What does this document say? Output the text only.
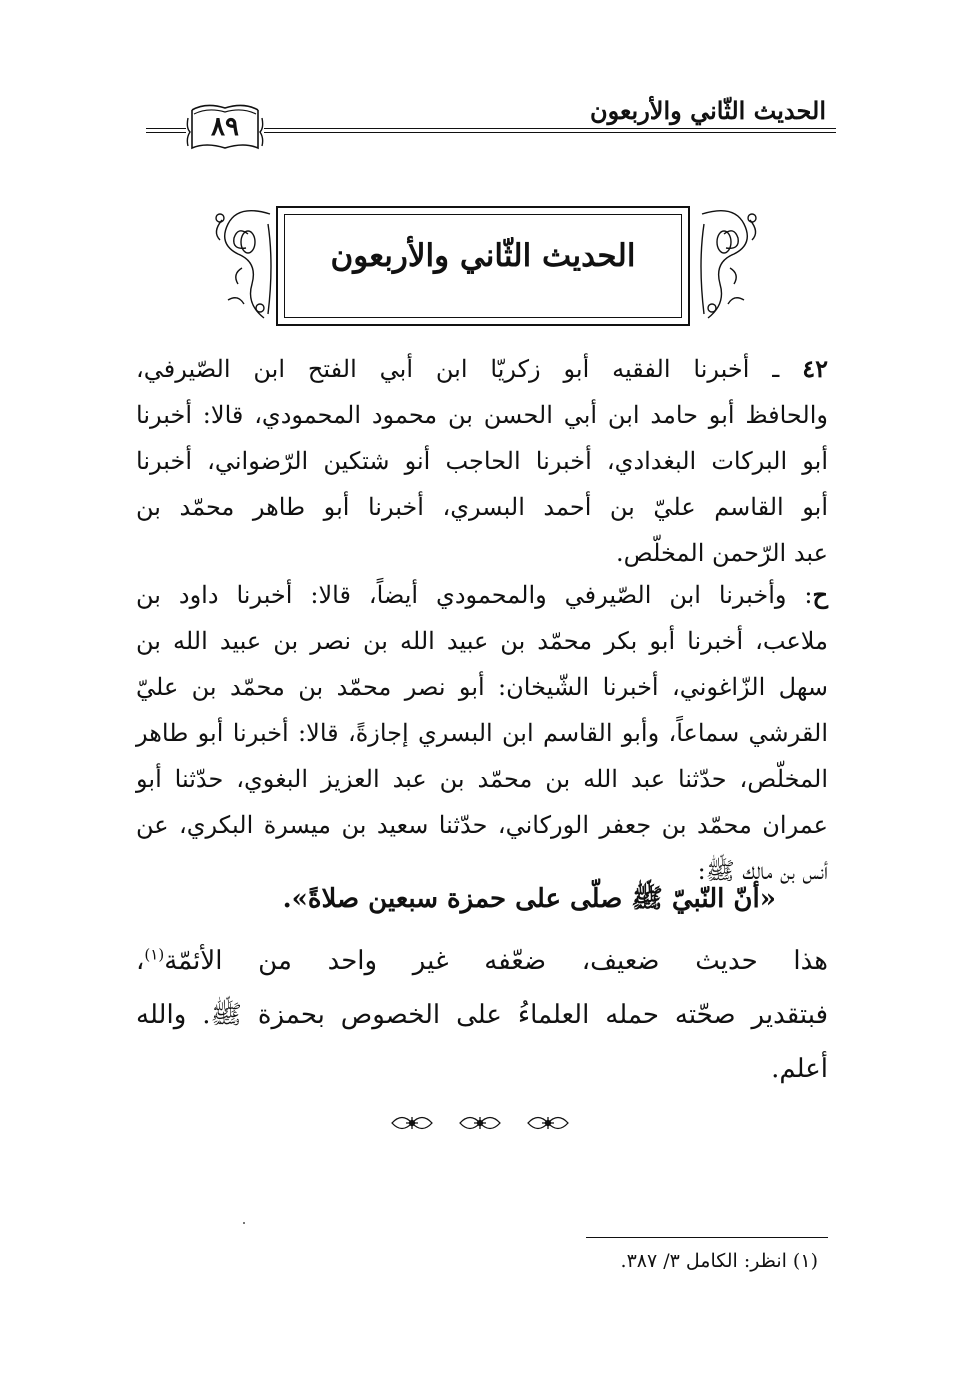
الحديث الثّاني والأربعون
٨٩
الحديث الثّاني والأربعون
٤٢ ـ أخبرنا الفقيه أبو زكريّا ابن أبي الفتح ابن الصّيرفي،
والحافظ أبو حامد ابن أبي الحسن بن محمود المحمودي، قالا: أخبرنا
أبو البركات البغدادي، أخبرنا الحاجب أنو شتكين الرّضواني، أخبرنا
أبو القاسم عليّ بن أحمد البسري، أخبرنا أبو طاهر محمّد بن
عبد الرّحمن المخلّص.
ح: وأخبرنا ابن الصّيرفي والمحمودي أيضاً، قالا: أخبرنا داود بن
ملاعب، أخبرنا أبو بكر محمّد بن عبيد الله بن نصر بن عبيد الله بن
سهل الزّاغوني، أخبرنا الشّيخان: أبو نصر محمّد بن محمّد بن عليّ
القرشي سماعاً، وأبو القاسم ابن البسري إجازةً، قالا: أخبرنا أبو طاهر
المخلّص، حدّثنا عبد الله بن محمّد بن عبد العزيز البغوي، حدّثنا أبو
عمران محمّد بن جعفر الوركاني، حدّثنا سعيد بن ميسرة البكري، عن
أنس بن مالك ﷺ:
«أنّ النّبيّ ﷺ صلّى على حمزة سبعين صلاةً».
هذا حديث ضعيف، ضعّفه غير واحد من الأئمّة$^{(١)}$،
فبتقدير صحّته حمله العلماءُ على الخصوص بحمزة ﷺ. والله
أعلم.
(١) انظر: الكامل ٣/ ٣٨٧.
